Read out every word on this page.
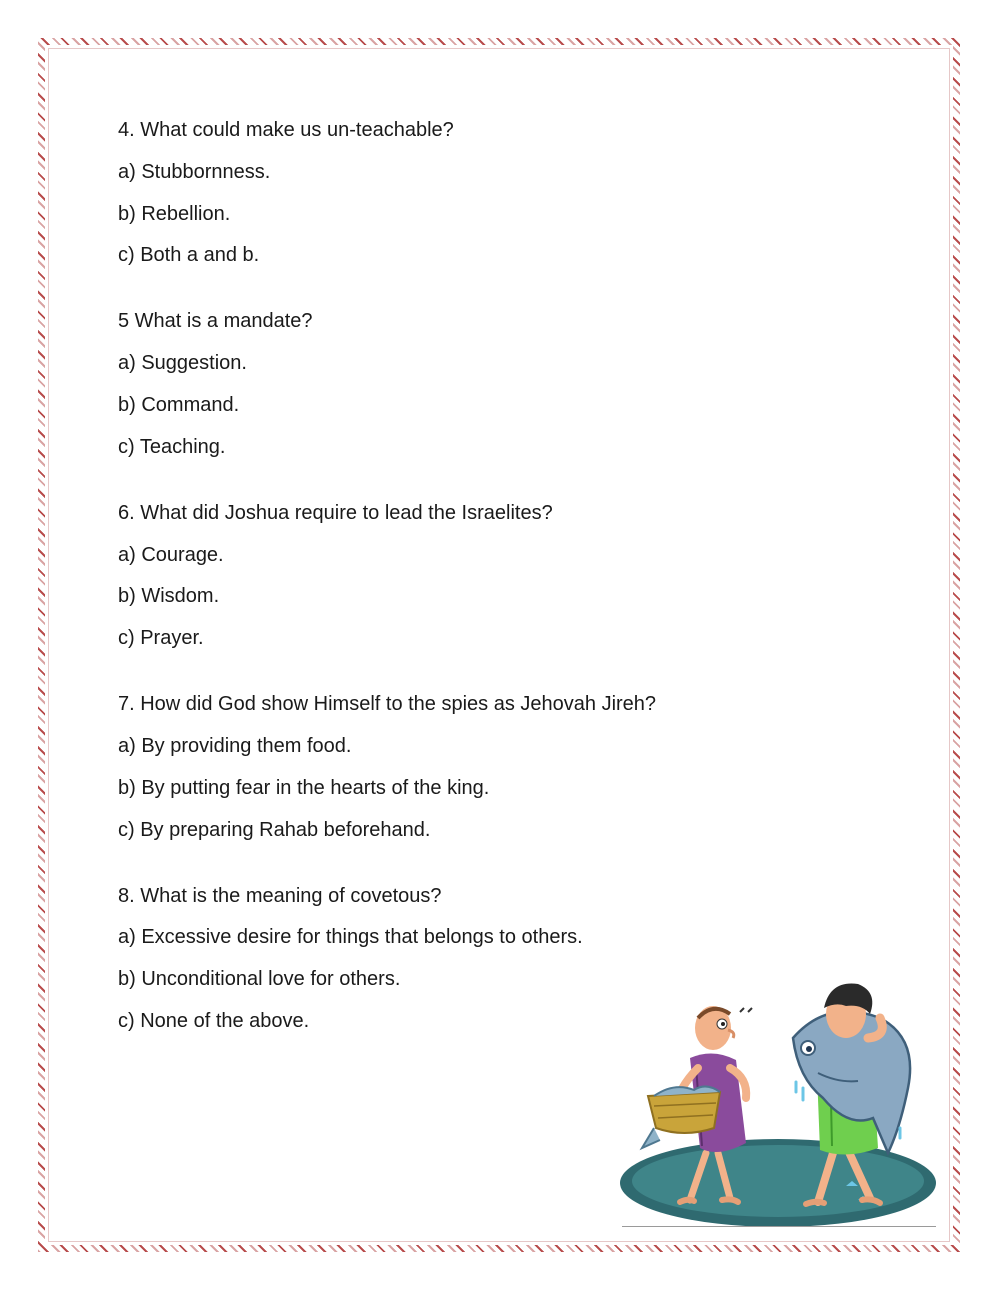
4. What could make us un-teachable?
a) Stubbornness.
b) Rebellion.
c) Both a and b.
5 What is a mandate?
a) Suggestion.
b) Command.
c) Teaching.
6. What did Joshua require to lead the Israelites?
a) Courage.
b) Wisdom.
c) Prayer.
7. How did God show Himself to the spies as Jehovah Jireh?
a) By providing them food.
b) By putting fear in the hearts of the king.
c) By preparing Rahab beforehand.
8. What is the meaning of covetous?
a) Excessive desire for things that belongs to others.
b) Unconditional love for others.
c) None of the above.
